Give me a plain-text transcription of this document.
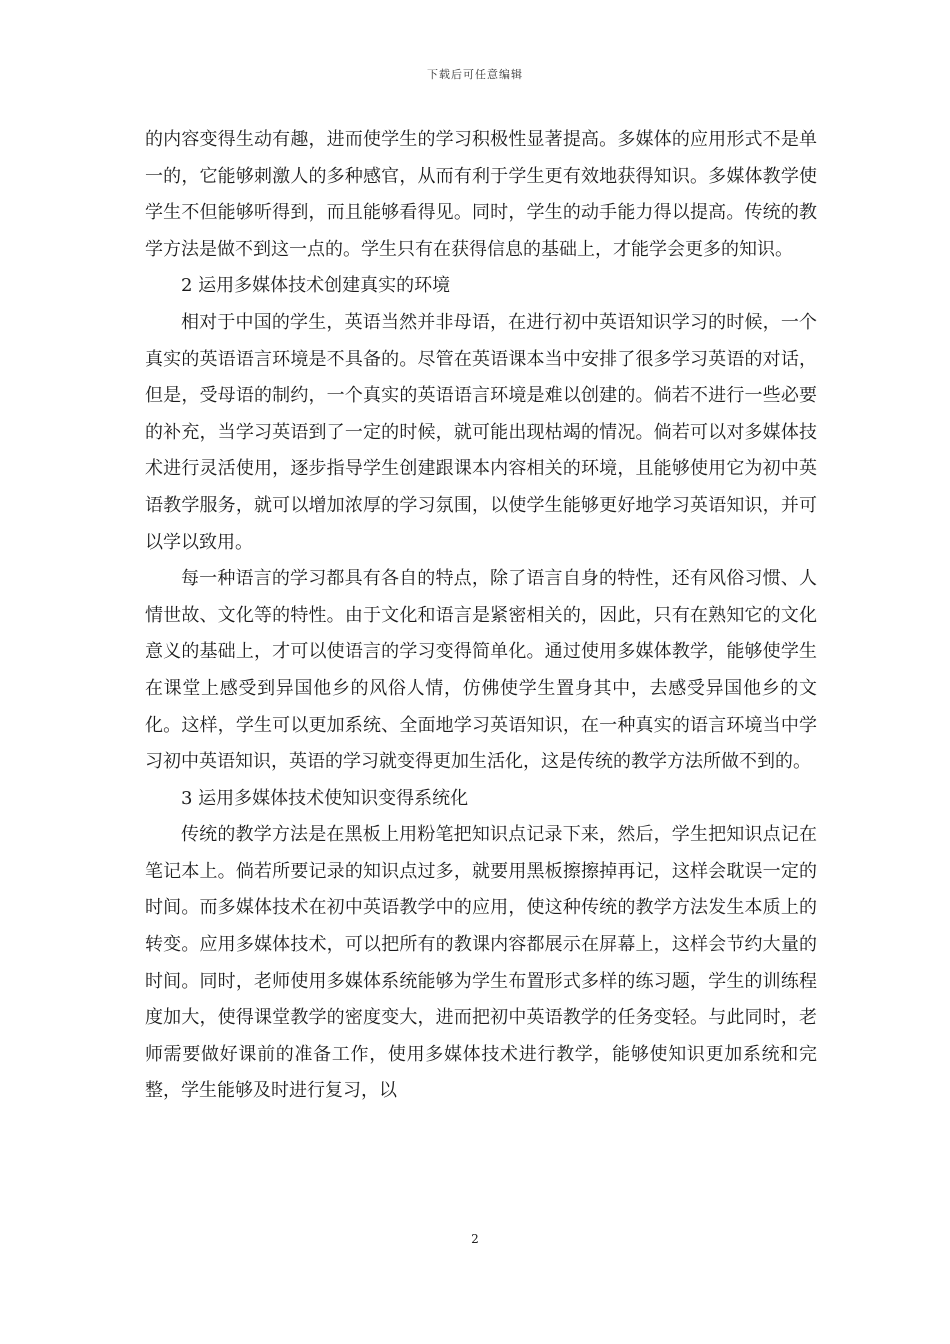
下载后可任意编辑

的内容变得生动有趣，进而使学生的学习积极性显著提高。多媒体的应用形式不是单一的，它能够刺激人的多种感官，从而有利于学生更有效地获得知识。多媒体教学使学生不但能够听得到，而且能够看得见。同时，学生的动手能力得以提高。传统的教学方法是做不到这一点的。学生只有在获得信息的基础上，才能学会更多的知识。

2 运用多媒体技术创建真实的环境

相对于中国的学生，英语当然并非母语，在进行初中英语知识学习的时候，一个真实的英语语言环境是不具备的。尽管在英语课本当中安排了很多学习英语的对话，但是，受母语的制约，一个真实的英语语言环境是难以创建的。倘若不进行一些必要的补充，当学习英语到了一定的时候，就可能出现枯竭的情况。倘若可以对多媒体技术进行灵活使用，逐步指导学生创建跟课本内容相关的环境，且能够使用它为初中英语教学服务，就可以增加浓厚的学习氛围，以使学生能够更好地学习英语知识，并可以学以致用。

每一种语言的学习都具有各自的特点，除了语言自身的特性，还有风俗习惯、人情世故、文化等的特性。由于文化和语言是紧密相关的，因此，只有在熟知它的文化意义的基础上，才可以使语言的学习变得简单化。通过使用多媒体教学，能够使学生在课堂上感受到异国他乡的风俗人情，仿佛使学生置身其中，去感受异国他乡的文化。这样，学生可以更加系统、全面地学习英语知识，在一种真实的语言环境当中学习初中英语知识，英语的学习就变得更加生活化，这是传统的教学方法所做不到的。

3 运用多媒体技术使知识变得系统化

传统的教学方法是在黑板上用粉笔把知识点记录下来，然后，学生把知识点记在笔记本上。倘若所要记录的知识点过多，就要用黑板擦擦掉再记，这样会耽误一定的时间。而多媒体技术在初中英语教学中的应用，使这种传统的教学方法发生本质上的转变。应用多媒体技术，可以把所有的教课内容都展示在屏幕上，这样会节约大量的时间。同时，老师使用多媒体系统能够为学生布置形式多样的练习题，学生的训练程度加大，使得课堂教学的密度变大，进而把初中英语教学的任务变轻。与此同时，老师需要做好课前的准备工作，使用多媒体技术进行教学，能够使知识更加系统和完整，学生能够及时进行复习，以

2
